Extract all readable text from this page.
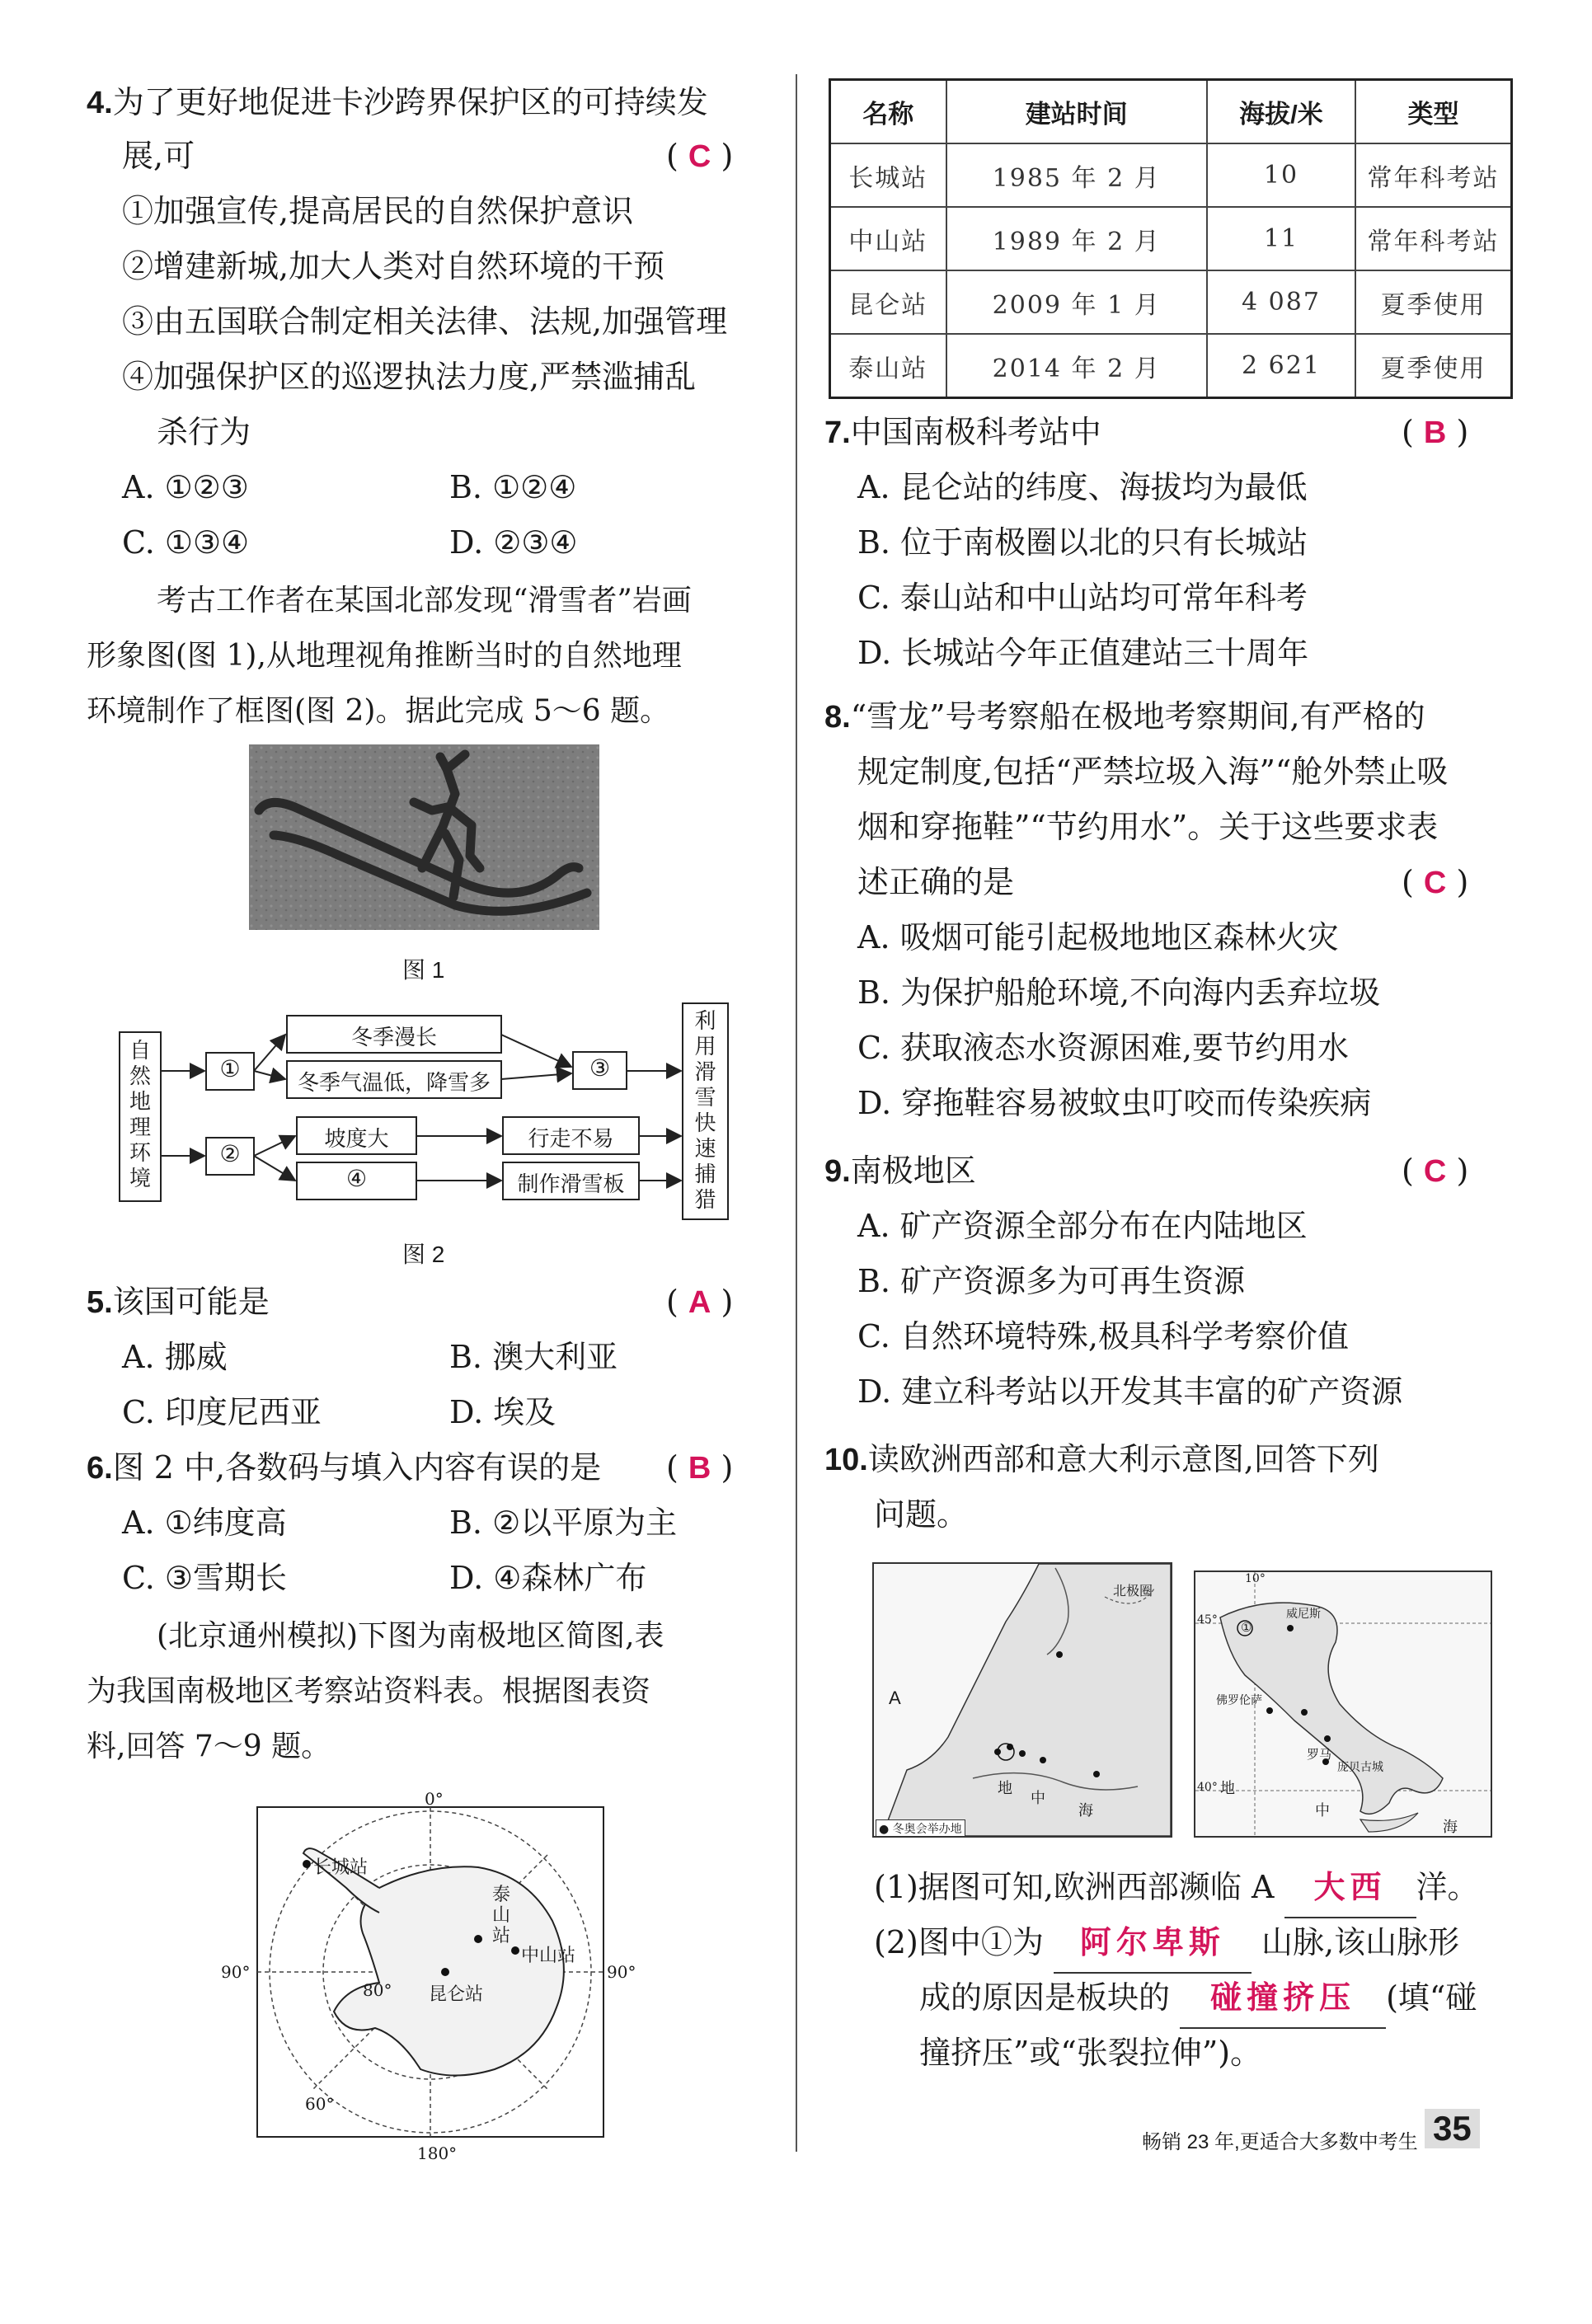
4.为了更好地促进卡沙跨界保护区的可持续发
展,可	( C )
①加强宣传,提高居民的自然保护意识
②增建新城,加大人类对自然环境的干预
③由五国联合制定相关法律、法规,加强管理
④加强保护区的巡逻执法力度,严禁滥捕乱
杀行为
A. ①②③	B. ①②④
C. ①③④	D. ②③④
考古工作者在某国北部发现“滑雪者”岩画
形象图(图 1),从地理视角推断当时的自然地理
环境制作了框图(图 2)。据此完成 5～6 题。
图 1
自然地理环境
利用滑雪快速捕猎
①
②
③
④
冬季漫长
冬季气温低，降雪多
坡度大	行走不易
制作滑雪板
图 2
5.该国可能是	( A )
A. 挪威	B. 澳大利亚
C. 印度尼西亚	D. 埃及
6.图 2 中,各数码与填入内容有误的是 ( B )
A. ①纬度高	B. ②以平原为主
C. ③雪期长	D. ④森林广布
(北京通州模拟)下图为南极地区简图,表
为我国南极地区考察站资料表。根据图表资
料,回答 7～9 题。
0°
180°
90°	90°
80°
60°
长城站
泰山站
中山站
昆仑站
名称	建站时间	海拔/米	类型
长城站	1985 年 2 月	10	常年科考站
中山站	1989 年 2 月	11	常年科考站
昆仑站	2009 年 1 月	4 087	夏季使用
泰山站	2014 年 2 月	2 621	夏季使用
7.中国南极科考站中	( B )
A. 昆仑站的纬度、海拔均为最低
B. 位于南极圈以北的只有长城站
C. 泰山站和中山站均可常年科考
D. 长城站今年正值建站三十周年
8.“雪龙”号考察船在极地考察期间,有严格的
规定制度,包括“严禁垃圾入海”“舱外禁止吸
烟和穿拖鞋”“节约用水”。关于这些要求表
述正确的是	( C )
A. 吸烟可能引起极地地区森林火灾
B. 为保护船舱环境,不向海内丢弃垃圾
C. 获取液态水资源困难,要节约用水
D. 穿拖鞋容易被蚊虫叮咬而传染疾病
9.南极地区	( C )
A. 矿产资源全部分布在内陆地区
B. 矿产资源多为可再生资源
C. 自然环境特殊,极具科学考察价值
D. 建立科考站以开发其丰富的矿产资源
10.读欧洲西部和意大利示意图,回答下列
问题。
A
北极圈
地
中
海
● 冬奥会举办地
10°
45°
40°
①
威尼斯
佛罗伦萨
罗马
庞贝古城
地
中
海
(1)据图可知,欧洲西部濒临 A 大西 洋。
(2)图中①为 阿尔卑斯 山脉,该山脉形
成的原因是板块的 碰撞挤压 (填“碰
撞挤压”或“张裂拉伸”)。
畅销 23 年,更适合大多数中考生 35
